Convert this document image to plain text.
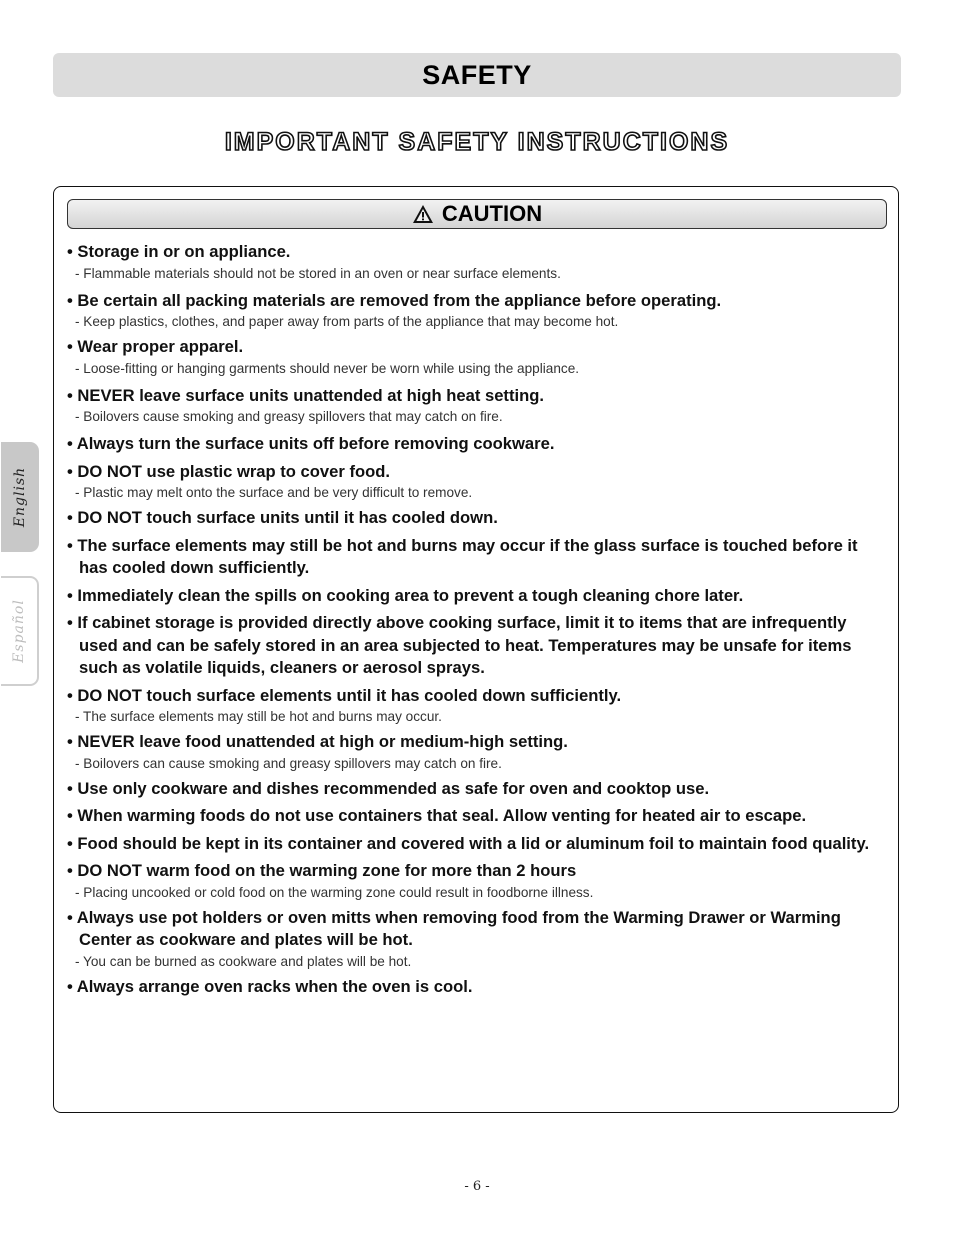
SAFETY
IMPORTANT SAFETY INSTRUCTIONS
English
Español
CAUTION
• Storage in or on appliance.
- Flammable materials should not be stored in an oven or near surface elements.
• Be certain all packing materials are removed from the appliance before operating.
- Keep plastics, clothes, and paper away from parts of the appliance that may become hot.
• Wear proper apparel.
- Loose-fitting or hanging garments should never be worn while using the appliance.
• NEVER leave surface units unattended at high heat setting.
- Boilovers cause smoking and greasy spillovers that may catch on fire.
• Always turn the surface units off before removing cookware.
• DO NOT use plastic wrap to cover food.
- Plastic may melt onto the surface and be very difficult to remove.
• DO NOT touch surface units until it has cooled down.
• The surface elements may still be hot and burns may occur if the glass surface is touched before it has cooled down sufficiently.
• Immediately clean the spills on cooking area to prevent a tough cleaning chore later.
• If cabinet storage is provided directly above cooking surface, limit it to items that are infrequently used and can be safely stored in an area subjected to heat. Temperatures may be unsafe for items such as volatile liquids, cleaners or aerosol sprays.
• DO NOT touch surface elements until it has cooled down sufficiently.
- The surface elements may still be hot and burns may occur.
• NEVER leave food unattended at high or medium-high setting.
- Boilovers can cause smoking and greasy spillovers may catch on fire.
• Use only cookware and dishes recommended as safe for oven and cooktop use.
• When warming foods do not use containers that seal. Allow venting for heated air to escape.
• Food should be kept in its container and covered with a lid or aluminum foil to maintain food quality.
• DO NOT warm food on the warming zone for more than 2 hours
- Placing uncooked or cold food on the warming zone could result in foodborne illness.
• Always use pot holders or oven mitts when removing food from the Warming Drawer or Warming Center as cookware and plates will be hot.
- You can be burned as cookware and plates will be hot.
• Always arrange oven racks when the oven is cool.
- 6 -
